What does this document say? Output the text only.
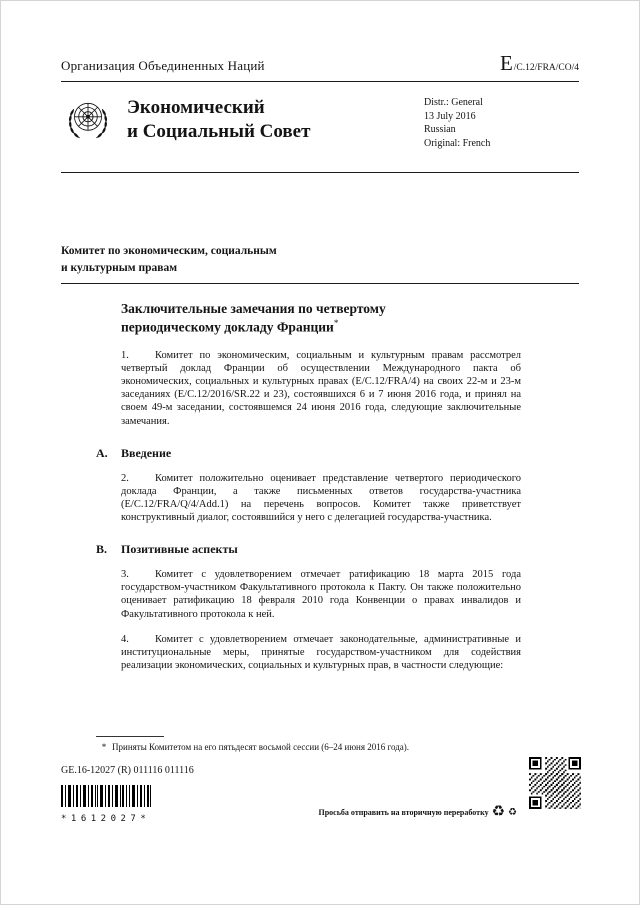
Организация Объединенных Наций	E/C.12/FRA/CO/4
Экономический
и Социальный Совет
Distr.: General
13 July 2016
Russian
Original: French
Комитет по экономическим, социальным
и культурным правам
Заключительные замечания по четвертому
периодическому докладу Франции*

1. Комитет по экономическим, социальным и культурным правам рассмотрел четвертый доклад Франции об осуществлении Международного пакта об экономических, социальных и культурных правах (E/C.12/FRA/4) на своих 22-м и 23-м заседаниях (E/C.12/2016/SR.22 и 23), состоявшихся 6 и 7 июня 2016 года, и принял на своем 49-м заседании, состоявшемся 24 июня 2016 года, следующие заключительные замечания.

A. Введение

2. Комитет положительно оценивает представление четвертого периодического доклада Франции, а также письменных ответов государства-участника (E/C.12/FRA/Q/4/Add.1) на перечень вопросов. Комитет также приветствует конструктивный диалог, состоявшийся у него с делегацией государства-участника.

B. Позитивные аспекты

3. Комитет с удовлетворением отмечает ратификацию 18 марта 2015 года государством-участником Факультативного протокола к Пакту. Он также положительно оценивает ратификацию 18 февраля 2010 года Конвенции о правах инвалидов и Факультативного протокола к ней.

4. Комитет с удовлетворением отмечает законодательные, административные и институциональные меры, принятые государством-участником для содействия реализации экономических, социальных и культурных прав, в частности следующие:

* Приняты Комитетом на его пятьдесят восьмой сессии (6–24 июня 2016 года).
GE.16-12027 (R) 011116 011116
*1612027*
Просьба отправить на вторичную переработку ♻ ♻
